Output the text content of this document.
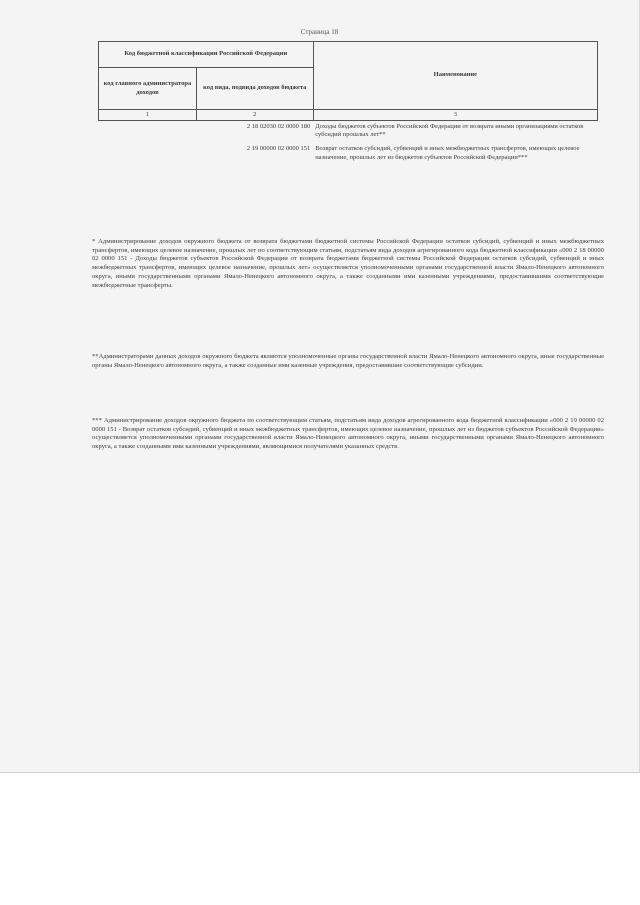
Страница 18
Код бюджетной классификации Российской Федерации		Наименование
код главного администратора доходов	код вида, подвида доходов бюджета	
1	2	3
	2 18 02030 02 0000 180	Доходы бюджетов субъектов Российской Федерации от возврата иными организациями остатков субсидий прошлых лет**
	2 19 00000 02 0000 151	Возврат остатков субсидий, субвенций и иных межбюджетных трансфертов, имеющих целевое назначение, прошлых лет из бюджетов субъектов Российской Федерации***

* Администрирование доходов окружного бюджета от возврата бюджетами бюджетной системы Российской Федерации остатков субсидий, субвенций и иных межбюджетных трансфертов, имеющих целевое назначение, прошлых лет по соответствующим статьям, подстатьям вида доходов агрегированного кода бюджетной классификации «000 2 18 00000 02 0000 151 - Доходы бюджетов субъектов Российской Федерации от возврата бюджетами бюджетной системы Российской Федерации остатков субсидий, субвенций и иных межбюджетных трансфертов, имеющих целевое назначение, прошлых лет» осуществляется уполномоченными органами государственной власти Ямало-Ненецкого автономного округа, иными государственными органами Ямало-Ненецкого автономного округа, а также созданными ими казенными учреждениями, предоставившими соответствующие межбюджетные трансферты.

**Администраторами данных доходов окружного бюджета являются уполномоченные органы государственной власти Ямало-Ненецкого автономного округа, иные государственные органы Ямало-Ненецкого автономного округа, а также созданные ими казенные учреждения, предоставившие соответствующие субсидии.

*** Администрирование доходов окружного бюджета по соответствующим статьям, подстатьям вида доходов агрегированного кода бюджетной классификации «000 2 19 00000 02 0000 151 - Возврат остатков субсидий, субвенций и иных межбюджетных трансфертов, имеющих целевое назначение, прошлых лет из бюджетов субъектов Российской Федерации» осуществляется уполномоченными органами государственной власти Ямало-Ненецкого автономного округа, иными государственными органами Ямало-Ненецкого автономного округа, а также созданными ими казенными учреждениями, являющимися получателями указанных средств.
